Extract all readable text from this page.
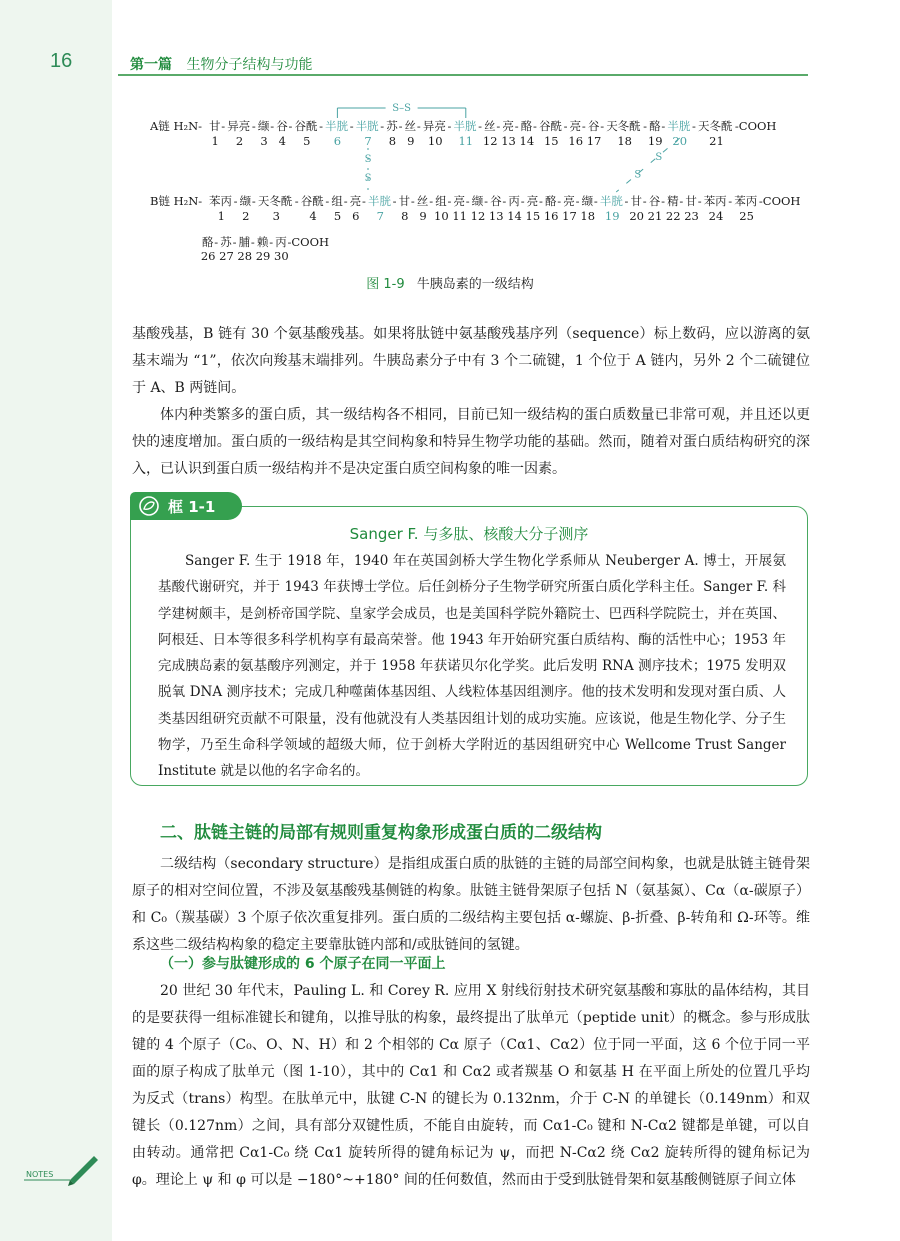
16	第一篇 生物分子结构与功能
A链 H₂N- 甘
1
- 异亮
2
- 缬
3
- 谷
4
- 谷酰
5
- 半胱
6
- 半胱
7
- 苏
8
- 丝
9
- 异亮
10
- 半胱
11
- 丝
12
- 亮
13
- 酪
14
- 谷酰
15
- 亮
16
- 谷
17
- 天冬酰
18
- 酪
19
- 半胱
20
- 天冬酰
21
-COOH
B链 H₂N- 苯丙
1
- 缬
2
- 天冬酰
3
- 谷酰
4
- 组
5
- 亮
6
- 半胱
7
- 甘
8
- 丝
9
- 组
10
- 亮
11
- 缬
12
- 谷
13
- 丙
14
- 亮
15
- 酪
16
- 亮
17
- 缬
18
- 半胱
19
- 甘
20
- 谷
21
- 精
22
- 甘
23
- 苯丙
24
- 苯丙
25
-COOH
酪
26
- 苏
27
- 脯
28
- 赖
29
- 丙
30
-COOH
S–S
S
S
S
S
图 1-9 牛胰岛素的一级结构

基酸残基，B 链有 30 个氨基酸残基。如果将肽链中氨基酸残基序列（sequence）标上数码，应以游离的氨基末端为 “1”，依次向羧基末端排列。牛胰岛素分子中有 3 个二硫键，1 个位于 A 链内，另外 2 个二硫键位于 A、B 两链间。

体内种类繁多的蛋白质，其一级结构各不相同，目前已知一级结构的蛋白质数量已非常可观，并且还以更快的速度增加。蛋白质的一级结构是其空间构象和特异生物学功能的基础。然而，随着对蛋白质结构研究的深入，已认识到蛋白质一级结构并不是决定蛋白质空间构象的唯一因素。

框 1-1
Sanger F. 与多肽、核酸大分子测序

Sanger F. 生于 1918 年，1940 年在英国剑桥大学生物化学系师从 Neuberger A. 博士，开展氨基酸代谢研究，并于 1943 年获博士学位。后任剑桥分子生物学研究所蛋白质化学科主任。Sanger F. 科学建树颇丰，是剑桥帝国学院、皇家学会成员，也是美国科学院外籍院士、巴西科学院院士，并在英国、阿根廷、日本等很多科学机构享有最高荣誉。他 1943 年开始研究蛋白质结构、酶的活性中心；1953 年完成胰岛素的氨基酸序列测定，并于 1958 年获诺贝尔化学奖。此后发明 RNA 测序技术；1975 发明双脱氧 DNA 测序技术；完成几种噬菌体基因组、人线粒体基因组测序。他的技术发明和发现对蛋白质、人类基因组研究贡献不可限量，没有他就没有人类基因组计划的成功实施。应该说，他是生物化学、分子生物学，乃至生命科学领域的超级大师，位于剑桥大学附近的基因组研究中心 Wellcome Trust Sanger Institute 就是以他的名字命名的。

二、肽链主链的局部有规则重复构象形成蛋白质的二级结构

二级结构（secondary structure）是指组成蛋白质的肽链的主链的局部空间构象，也就是肽链主链骨架原子的相对空间位置，不涉及氨基酸残基侧链的构象。肽链主链骨架原子包括 N（氨基氮）、Cα（α-碳原子）和 C₀（羰基碳）3 个原子依次重复排列。蛋白质的二级结构主要包括 α-螺旋、β-折叠、β-转角和 Ω-环等。维系这些二级结构构象的稳定主要靠肽链内部和/或肽链间的氢键。

（一）参与肽键形成的 6 个原子在同一平面上

20 世纪 30 年代末，Pauling L. 和 Corey R. 应用 X 射线衍射技术研究氨基酸和寡肽的晶体结构，其目的是要获得一组标准键长和键角，以推导肽的构象，最终提出了肽单元（peptide unit）的概念。参与形成肽键的 4 个原子（C₀、O、N、H）和 2 个相邻的 Cα 原子（Cα1、Cα2）位于同一平面，这 6 个位于同一平面的原子构成了肽单元（图 1-10），其中的 Cα1 和 Cα2 或者羰基 O 和氨基 H 在平面上所处的位置几乎均为反式（trans）构型。在肽单元中，肽键 C-N 的键长为 0.132nm，介于 C-N 的单键长（0.149nm）和双键长（0.127nm）之间，具有部分双键性质，不能自由旋转，而 Cα1-C₀ 键和 N-Cα2 键都是单键，可以自由转动。通常把 Cα1-C₀ 绕 Cα1 旋转所得的键角标记为 ψ，而把 N-Cα2 绕 Cα2 旋转所得的键角标记为 φ。理论上 ψ 和 φ 可以是 −180°~+180° 间的任何数值，然而由于受到肽链骨架和氨基酸侧链原子间立体

NOTES
